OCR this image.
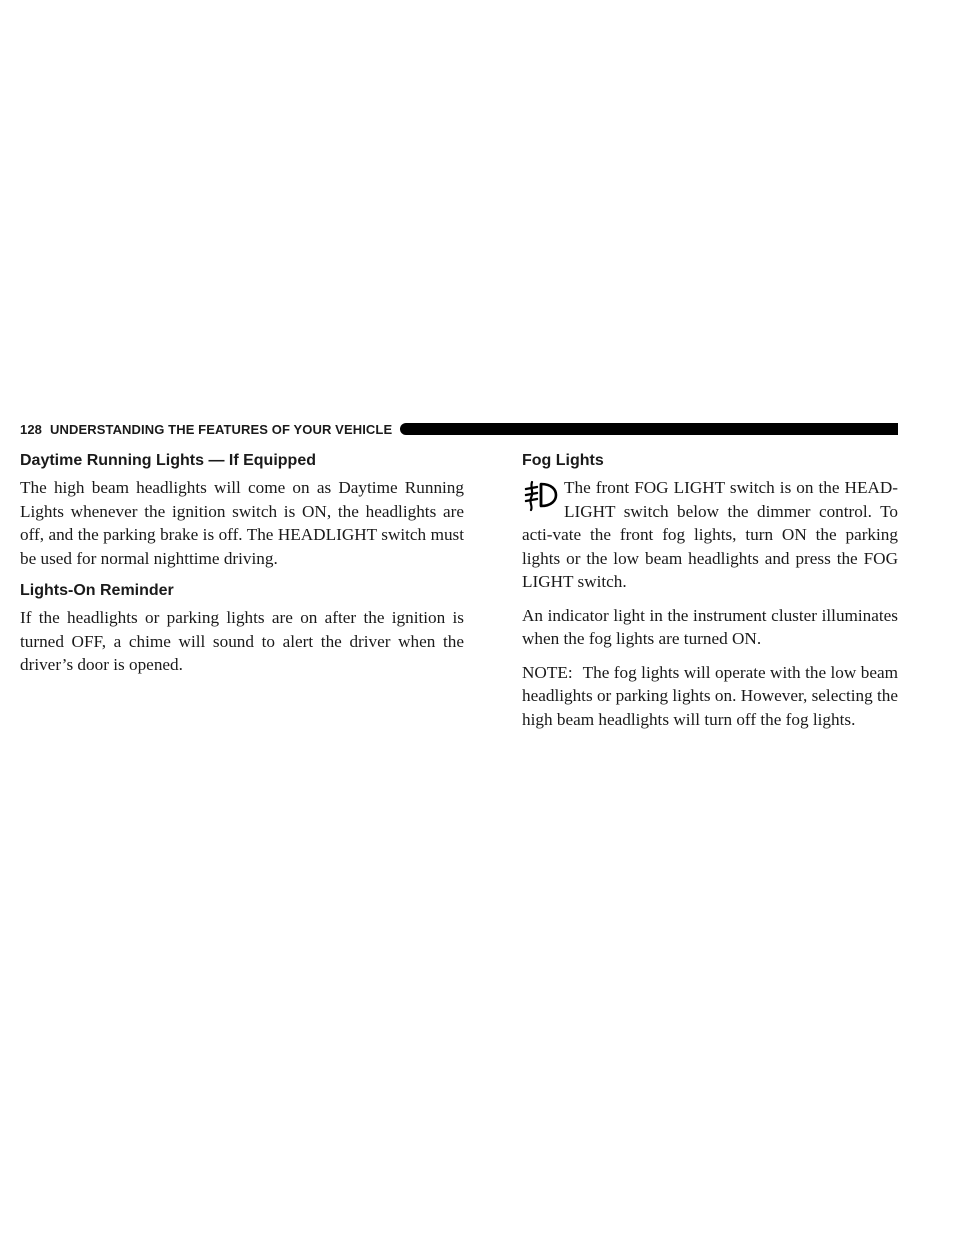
128 UNDERSTANDING THE FEATURES OF YOUR VEHICLE
Daytime Running Lights — If Equipped

The high beam headlights will come on as Daytime Running Lights whenever the ignition switch is ON, the headlights are off, and the parking brake is off. The HEADLIGHT switch must be used for normal nighttime driving.

Lights-On Reminder

If the headlights or parking lights are on after the ignition is turned OFF, a chime will sound to alert the driver when the driver’s door is opened.

Fog Lights

The front FOG LIGHT switch is on the HEAD-LIGHT switch below the dimmer control. To acti-vate the front fog lights, turn ON the parking lights or the low beam headlights and press the FOG LIGHT switch.

An indicator light in the instrument cluster illuminates when the fog lights are turned ON.

NOTE: The fog lights will operate with the low beam headlights or parking lights on. However, selecting the high beam headlights will turn off the fog lights.
